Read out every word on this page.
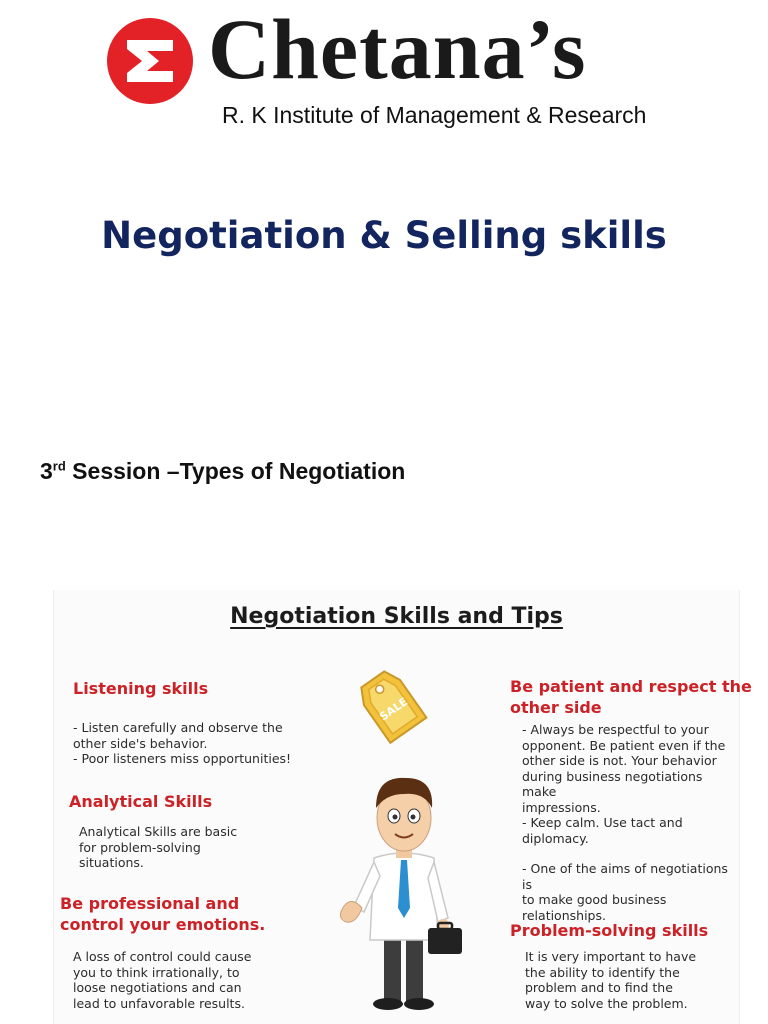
Chetana’s
R. K Institute of Management & Research
Negotiation & Selling skills
3rd Session –Types of Negotiation
Negotiation Skills and Tips
SALE
Listening skills
- Listen carefully and observe the
other side's behavior.
- Poor listeners miss opportunities!
Analytical Skills
Analytical Skills are basic
for problem-solving
situations.
Be professional and
control your emotions.
A loss of control could cause
you to think irrationally, to
loose negotiations and can
lead to unfavorable results.
Be patient and respect the
other side
- Always be respectful to your
opponent. Be patient even if the
other side is not. Your behavior
during business negotiations make
impressions.
- Keep calm. Use tact and
diplomacy.
- One of the aims of negotiations is
to make good business
relationships.
Problem-solving skills
It is very important to have
the ability to identify the
problem and to find the
way to solve the problem.
